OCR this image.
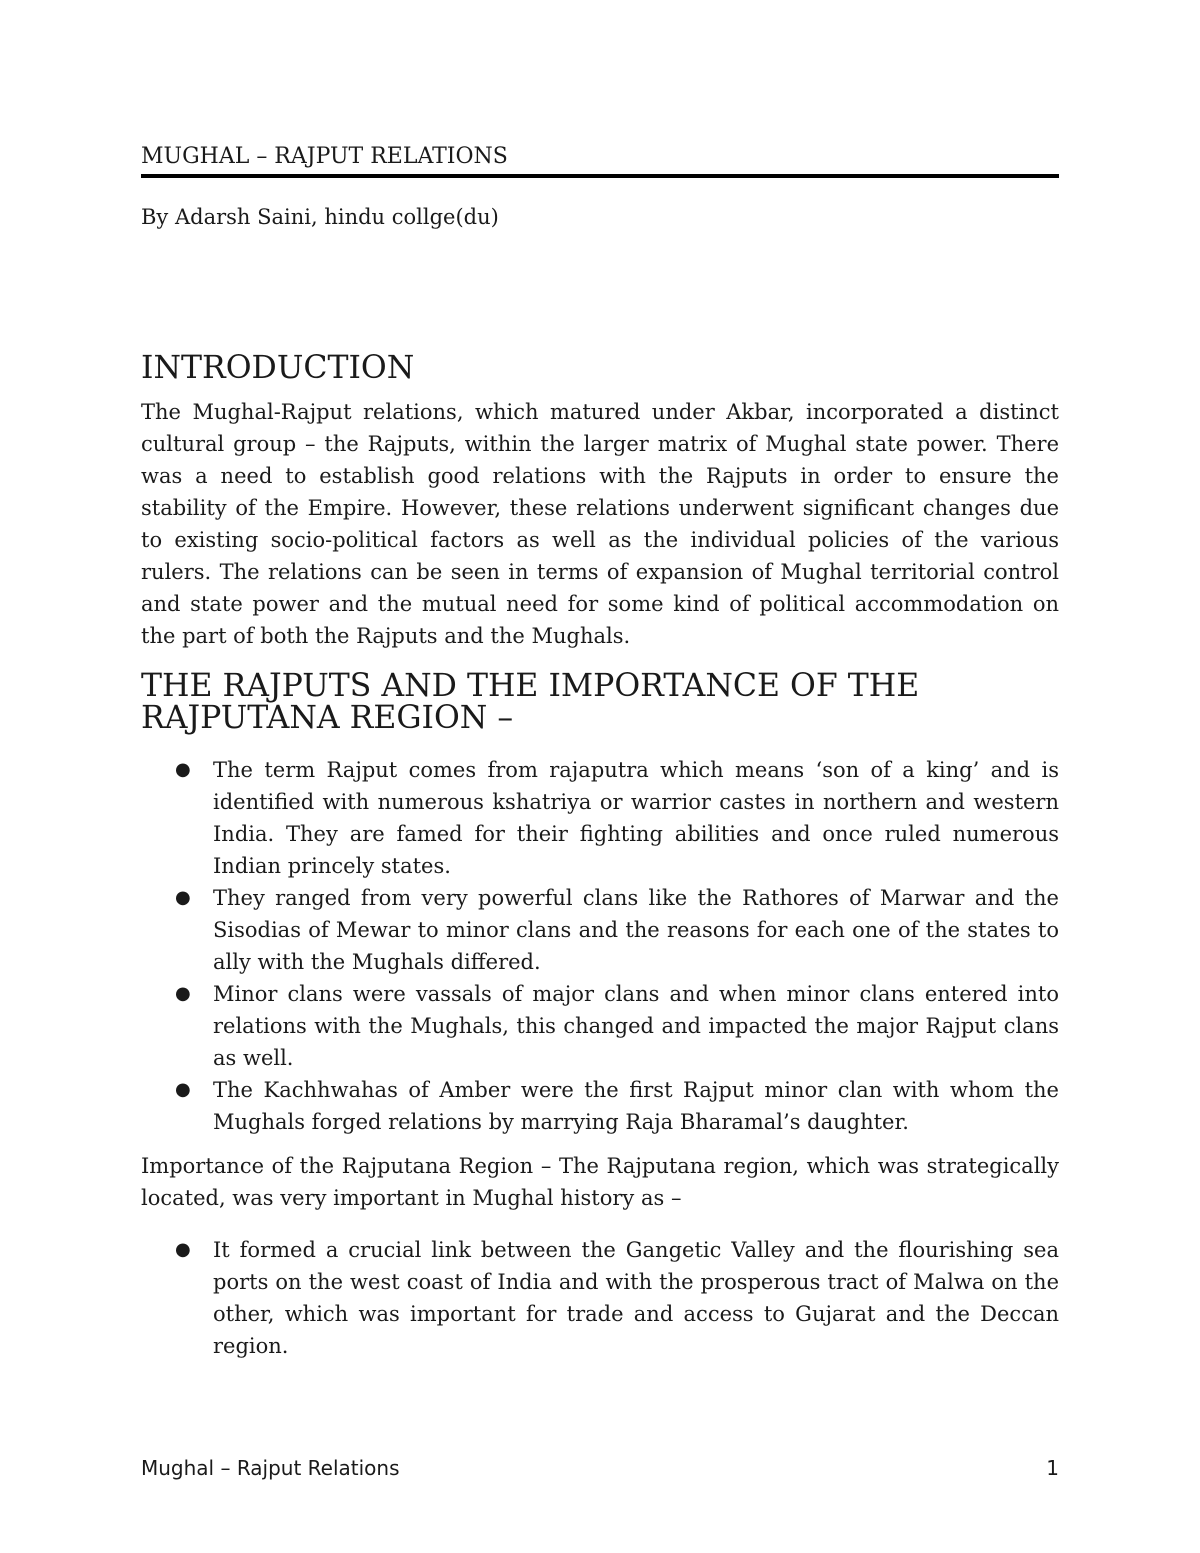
MUGHAL – RAJPUT RELATIONS

By Adarsh Saini, hindu collge(du)

INTRODUCTION

The Mughal-Rajput relations, which matured under Akbar, incorporated a distinct cultural group – the Rajputs, within the larger matrix of Mughal state power. There was a need to establish good relations with the Rajputs in order to ensure the stability of the Empire. However, these relations underwent significant changes due to existing socio-political factors as well as the individual policies of the various rulers. The relations can be seen in terms of expansion of Mughal territorial control and state power and the mutual need for some kind of political accommodation on the part of both the Rajputs and the Mughals.

THE RAJPUTS AND THE IMPORTANCE OF THE RAJPUTANA REGION –
● The term Rajput comes from rajaputra which means ‘son of a king’ and is identified with numerous kshatriya or warrior castes in northern and western India. They are famed for their fighting abilities and once ruled numerous Indian princely states.
● They ranged from very powerful clans like the Rathores of Marwar and the Sisodias of Mewar to minor clans and the reasons for each one of the states to ally with the Mughals differed.
● Minor clans were vassals of major clans and when minor clans entered into relations with the Mughals, this changed and impacted the major Rajput clans as well.
● The Kachhwahas of Amber were the first Rajput minor clan with whom the Mughals forged relations by marrying Raja Bharamal’s daughter.

Importance of the Rajputana Region – The Rajputana region, which was strategically located, was very important in Mughal history as –

● It formed a crucial link between the Gangetic Valley and the flourishing sea ports on the west coast of India and with the prosperous tract of Malwa on the other, which was important for trade and access to Gujarat and the Deccan region.
Mughal – Rajput Relations	1
